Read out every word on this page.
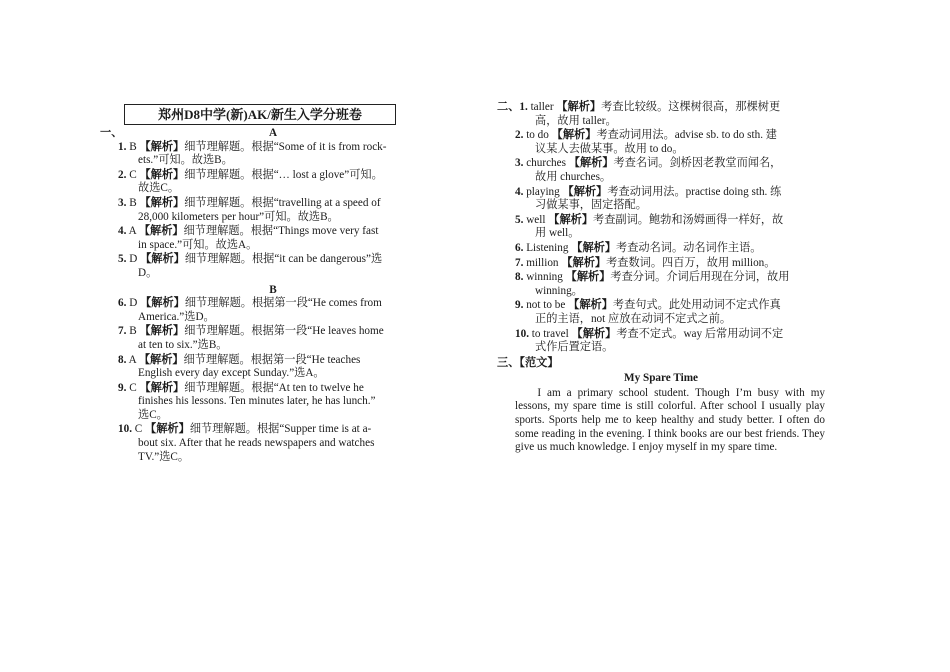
郑州D8中学(新)AK/新生入学分班卷
一、	A
1. B 【解析】细节理解题。根据“Some of it is from rock-
ets.”可知。故选B。
2. C 【解析】细节理解题。根据“… lost a glove”可知。
故选C。
3. B 【解析】细节理解题。根据“travelling at a speed of
28,000 kilometers per hour”可知。故选B。
4. A 【解析】细节理解题。根据“Things move very fast
in space.”可知。故选A。
5. D 【解析】细节理解题。根据“it can be dangerous”选
D。
B
6. D 【解析】细节理解题。根据第一段“He comes from
America.”选D。
7. B 【解析】细节理解题。根据第一段“He leaves home
at ten to six.”选B。
8. A 【解析】细节理解题。根据第一段“He teaches
English every day except Sunday.”选A。
9. C 【解析】细节理解题。根据“At ten to twelve he
finishes his lessons. Ten minutes later, he has lunch.”
选C。
10. C 【解析】细节理解题。根据“Supper time is at a-
bout six. After that he reads newspapers and watches
TV.”选C。
二、1. taller 【解析】考查比较级。这棵树很高，那棵树更
高，故用 taller。
2. to do 【解析】考查动词用法。advise sb. to do sth. 建
议某人去做某事。故用 to do。
3. churches 【解析】考查名词。剑桥因老教堂而闻名，
故用 churches。
4. playing 【解析】考查动词用法。practise doing sth. 练
习做某事，固定搭配。
5. well 【解析】考查副词。鲍勃和汤姆画得一样好，故
用 well。
6. Listening 【解析】考查动名词。动名词作主语。
7. million 【解析】考查数词。四百万，故用 million。
8. winning 【解析】考查分词。介词后用现在分词，故用
winning。
9. not to be 【解析】考查句式。此处用动词不定式作真
正的主语，not 应放在动词不定式之前。
10. to travel 【解析】考查不定式。way 后常用动词不定
式作后置定语。
三、【范文】
My Spare Time

I am a primary school student. Though I’m busy with my lessons, my spare time is still colorful. After school I usually play sports. Sports help me to keep healthy and study better. I often do some reading in the evening. I think books are our best friends. They give us much knowledge. I enjoy myself in my spare time.
